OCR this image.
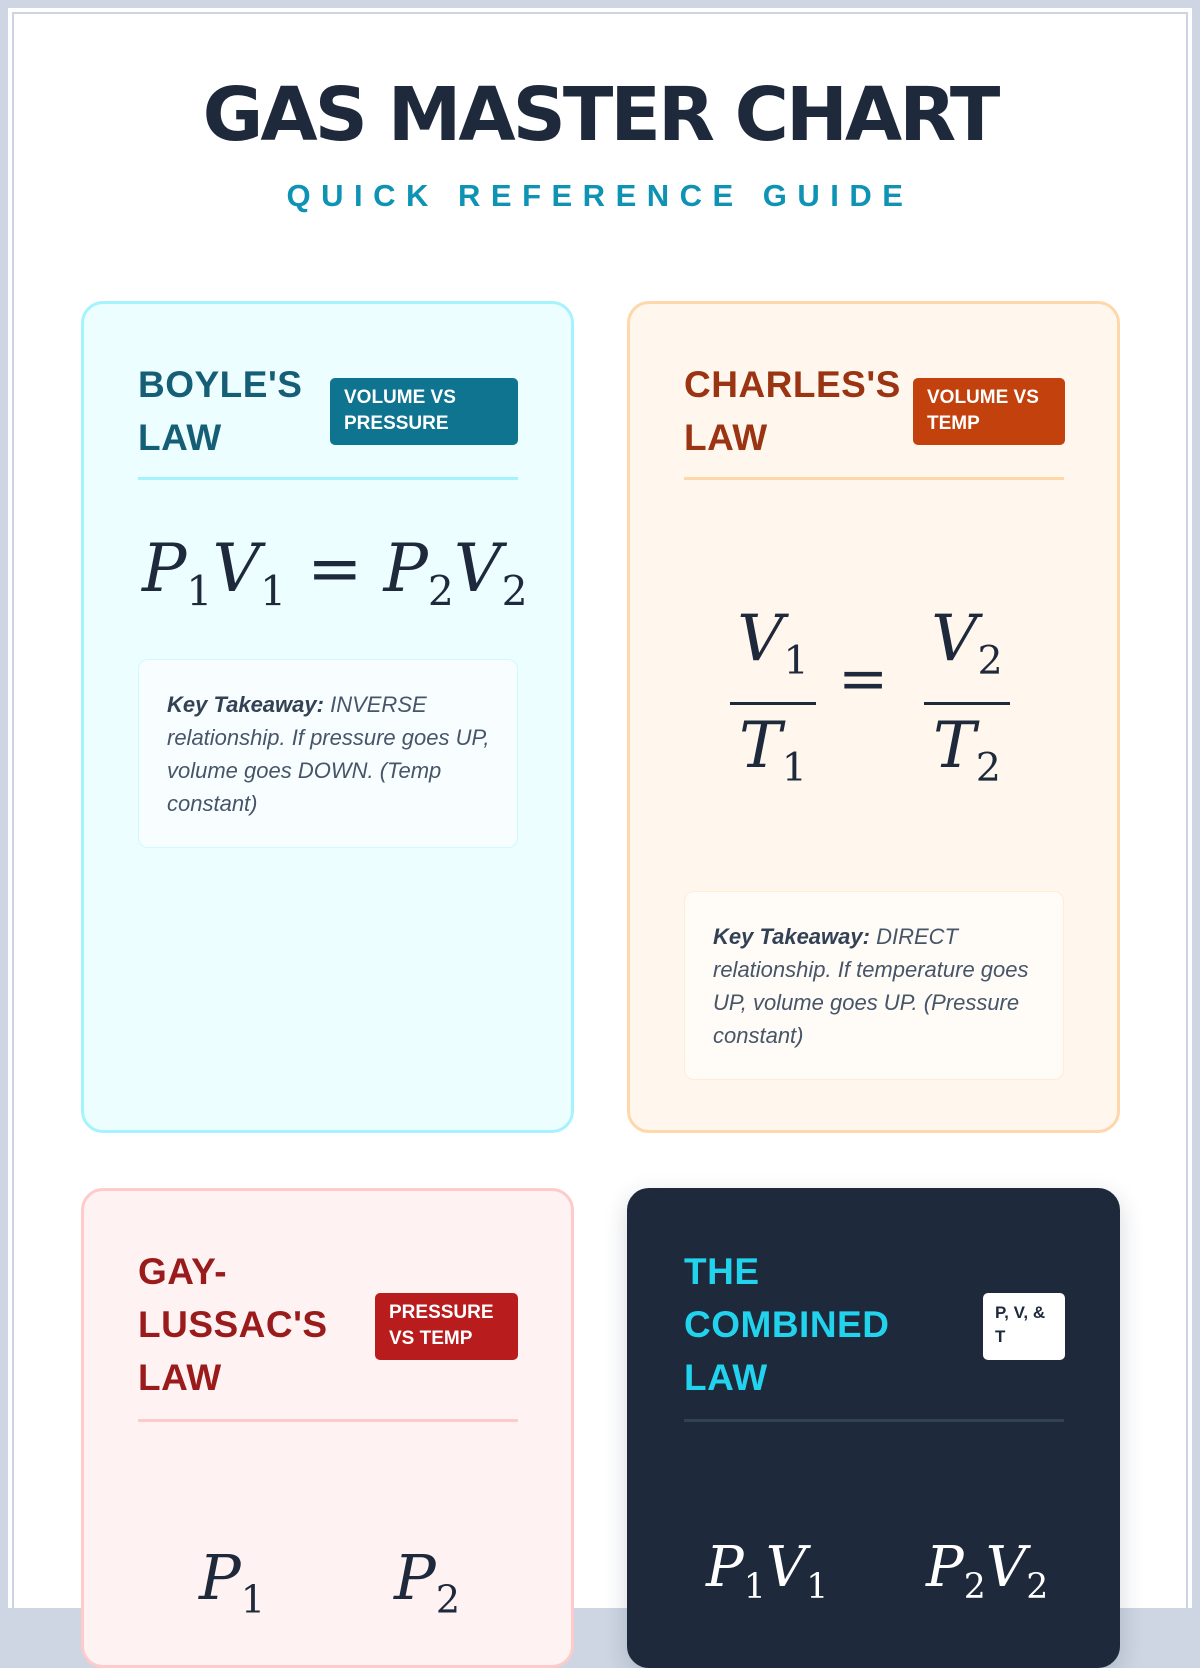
GAS MASTER CHART
QUICK REFERENCE GUIDE
BOYLE'S LAW
VOLUME VS PRESSURE
$P_1V_1 = P_2V_2$
Key Takeaway: INVERSE relationship. If pressure goes UP, volume goes DOWN. (Temp constant)
CHARLES'S LAW
VOLUME VS TEMP
$V_1$
$T_1$
=
$V_2$
$T_2$
Key Takeaway: DIRECT relationship. If temperature goes UP, volume goes UP. (Pressure constant)
GAY-LUSSAC'S LAW
PRESSURE VS TEMP
$P_1$ $P_2$
THE COMBINED LAW
P, V, & T
$P_1V_1$ $P_2V_2$
